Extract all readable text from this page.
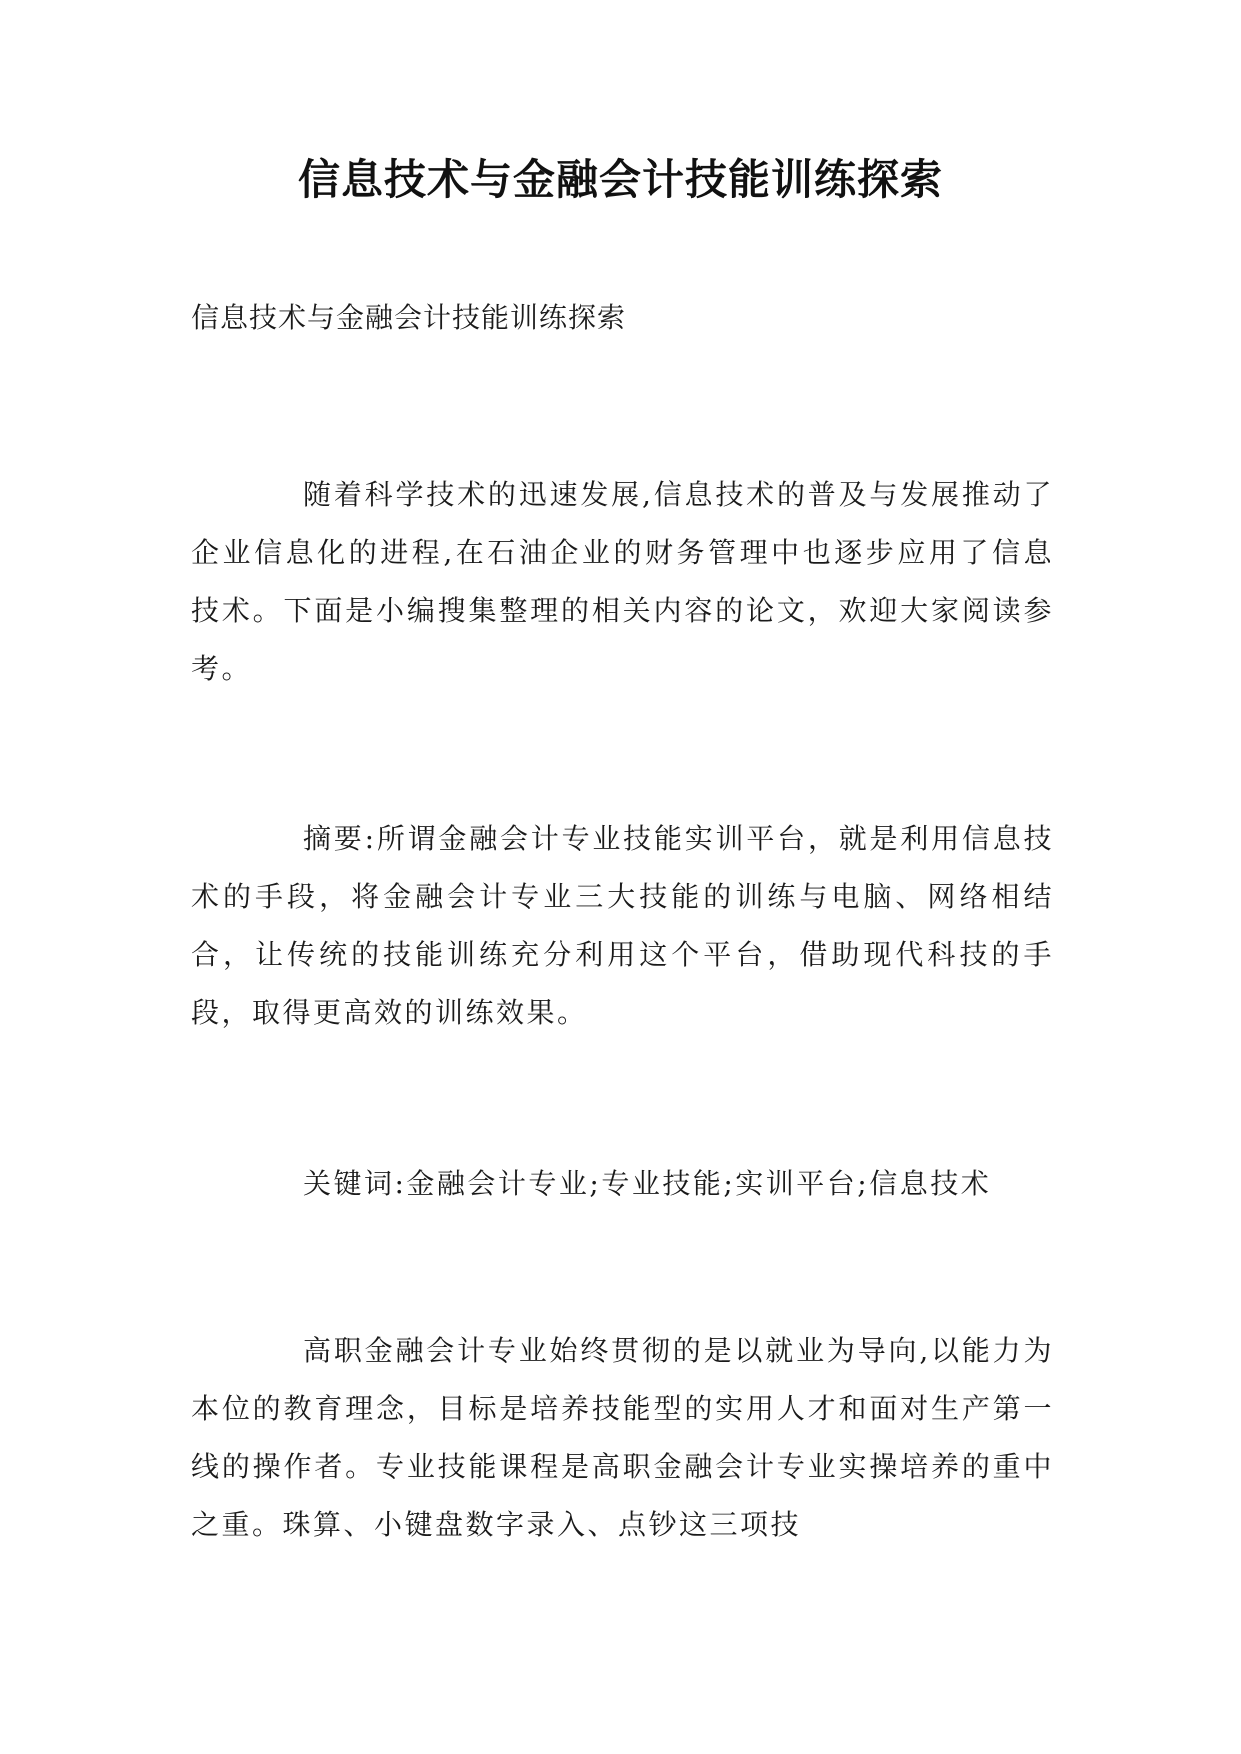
信息技术与金融会计技能训练探索

信息技术与金融会计技能训练探索

随着科学技术的迅速发展,信息技术的普及与发展推动了企业信息化的进程,在石油企业的财务管理中也逐步应用了信息技术。下面是小编搜集整理的相关内容的论文，欢迎大家阅读参考。

摘要:所谓金融会计专业技能实训平台，就是利用信息技术的手段，将金融会计专业三大技能的训练与电脑、网络相结合，让传统的技能训练充分利用这个平台，借助现代科技的手段，取得更高效的训练效果。

关键词:金融会计专业;专业技能;实训平台;信息技术

高职金融会计专业始终贯彻的是以就业为导向,以能力为本位的教育理念，目标是培养技能型的实用人才和面对生产第一线的操作者。专业技能课程是高职金融会计专业实操培养的重中之重。珠算、小键盘数字录入、点钞这三项技
